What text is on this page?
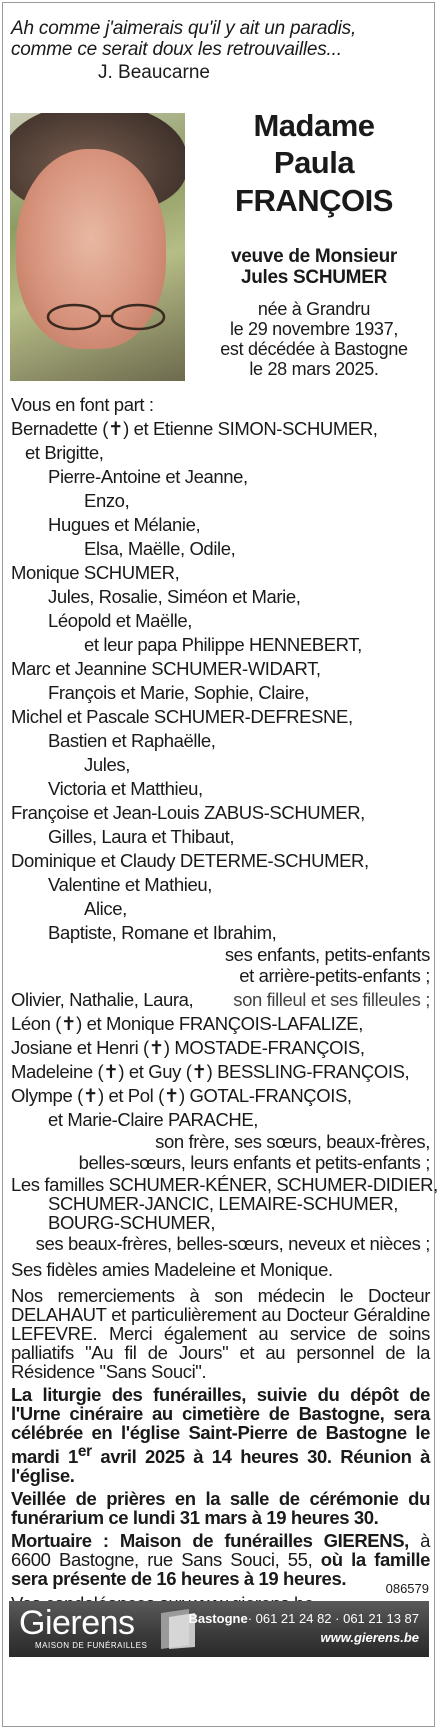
Ah comme j'aimerais qu'il y ait un paradis,
comme ce serait doux les retrouvailles...
J. Beaucarne
Madame
Paula
FRANÇOIS
veuve de Monsieur
Jules SCHUMER
née à Grandru
le 29 novembre 1937,
est décédée à Bastogne
le 28 mars 2025.
Vous en font part :
Bernadette (✝) et Etienne SIMON-SCHUMER,
et Brigitte,
Pierre-Antoine et Jeanne,
Enzo,
Hugues et Mélanie,
Elsa, Maëlle, Odile,
Monique SCHUMER,
Jules, Rosalie, Siméon et Marie,
Léopold et Maëlle,
et leur papa Philippe HENNEBERT,
Marc et Jeannine SCHUMER-WIDART,
François et Marie, Sophie, Claire,
Michel et Pascale SCHUMER-DEFRESNE,
Bastien et Raphaëlle,
Jules,
Victoria et Matthieu,
Françoise et Jean-Louis ZABUS-SCHUMER,
Gilles, Laura et Thibaut,
Dominique et Claudy DETERME-SCHUMER,
Valentine et Mathieu,
Alice,
Baptiste, Romane et Ibrahim,
ses enfants, petits-enfants
et arrière-petits-enfants ;
Olivier, Nathalie, Laura, son filleul et ses filleules ;
Léon (✝) et Monique FRANÇOIS-LAFALIZE,
Josiane et Henri (✝) MOSTADE-FRANÇOIS,
Madeleine (✝) et Guy (✝) BESSLING-FRANÇOIS,
Olympe (✝) et Pol (✝) GOTAL-FRANÇOIS,
et Marie-Claire PARACHE,
son frère, ses sœurs, beaux-frères,
belles-sœurs, leurs enfants et petits-enfants ;
Les familles SCHUMER-KÉNER, SCHUMER-DIDIER,
SCHUMER-JANCIC, LEMAIRE-SCHUMER,
BOURG-SCHUMER,
ses beaux-frères, belles-sœurs, neveux et nièces ;
Ses fidèles amies Madeleine et Monique.
Nos remerciements à son médecin le Docteur DELAHAUT et particulièrement au Docteur Géraldine LEFEVRE. Merci également au service de soins palliatifs "Au fil de Jours" et au personnel de la Résidence "Sans Souci".
La liturgie des funérailles, suivie du dépôt de l'Urne cinéraire au cimetière de Bastogne, sera célébrée en l'église Saint-Pierre de Bastogne le mardi 1er avril 2025 à 14 heures 30. Réunion à l'église.
Veillée de prières en la salle de cérémonie du funérarium ce lundi 31 mars à 19 heures 30.
Mortuaire : Maison de funérailles GIERENS, à 6600 Bastogne, rue Sans Souci, 55, où la famille sera présente de 16 heures à 19 heures.	086579
Gierens
MAISON DE FUNÉRAILLES
Bastogne· 061 21 24 82 · 061 21 13 87
www.gierens.be
